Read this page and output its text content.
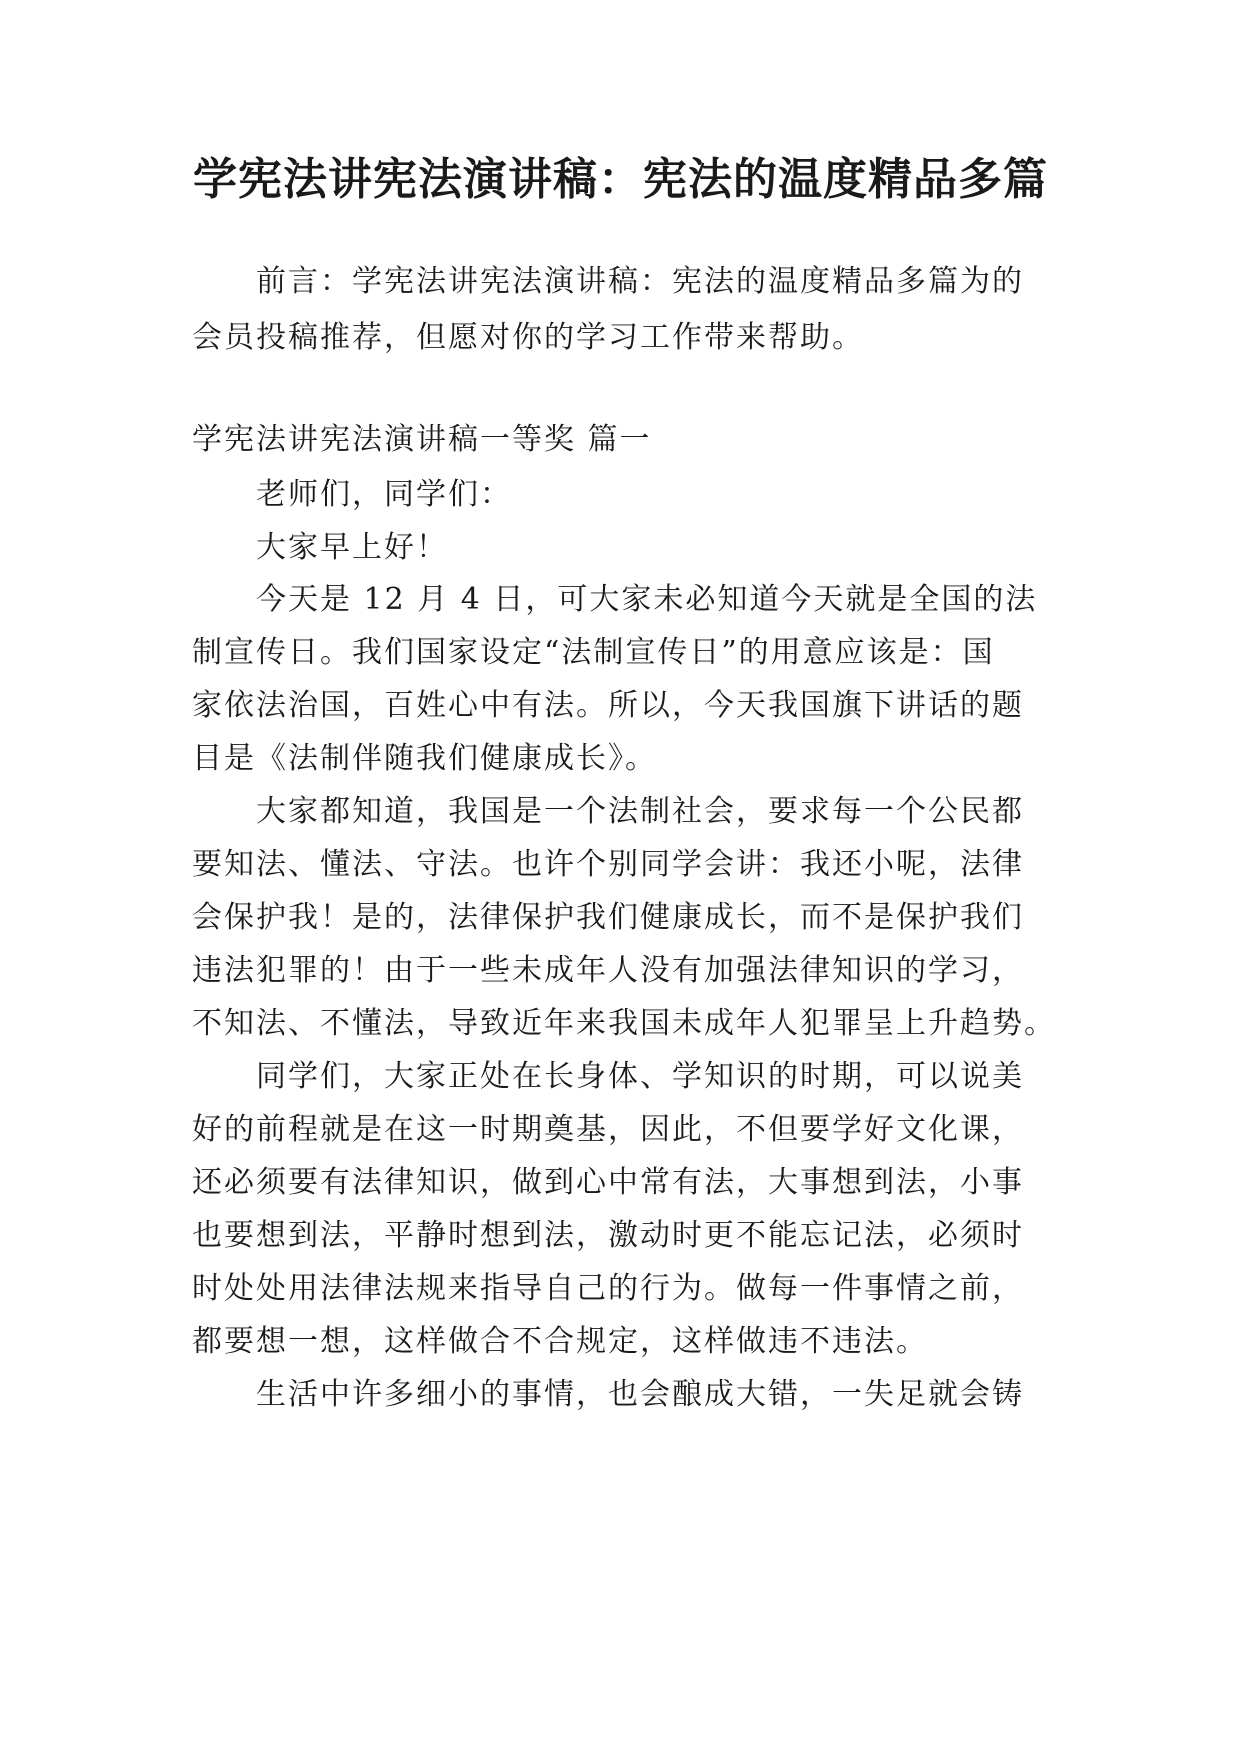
学宪法讲宪法演讲稿：宪法的温度精品多篇
前言：学宪法讲宪法演讲稿：宪法的温度精品多篇为的
会员投稿推荐，但愿对你的学习工作带来帮助。
学宪法讲宪法演讲稿一等奖 篇一
老师们，同学们：
大家早上好！
今天是 12 月 4 日，可大家未必知道今天就是全国的法
制宣传日。我们国家设定“法制宣传日”的用意应该是：国
家依法治国，百姓心中有法。所以，今天我国旗下讲话的题
目是《法制伴随我们健康成长》。
大家都知道，我国是一个法制社会，要求每一个公民都
要知法、懂法、守法。也许个别同学会讲：我还小呢，法律
会保护我！是的，法律保护我们健康成长，而不是保护我们
违法犯罪的！由于一些未成年人没有加强法律知识的学习，
不知法、不懂法，导致近年来我国未成年人犯罪呈上升趋势。
同学们，大家正处在长身体、学知识的时期，可以说美
好的前程就是在这一时期奠基，因此，不但要学好文化课，
还必须要有法律知识，做到心中常有法，大事想到法，小事
也要想到法，平静时想到法，激动时更不能忘记法，必须时
时处处用法律法规来指导自己的行为。做每一件事情之前，
都要想一想，这样做合不合规定，这样做违不违法。
生活中许多细小的事情，也会酿成大错，一失足就会铸
